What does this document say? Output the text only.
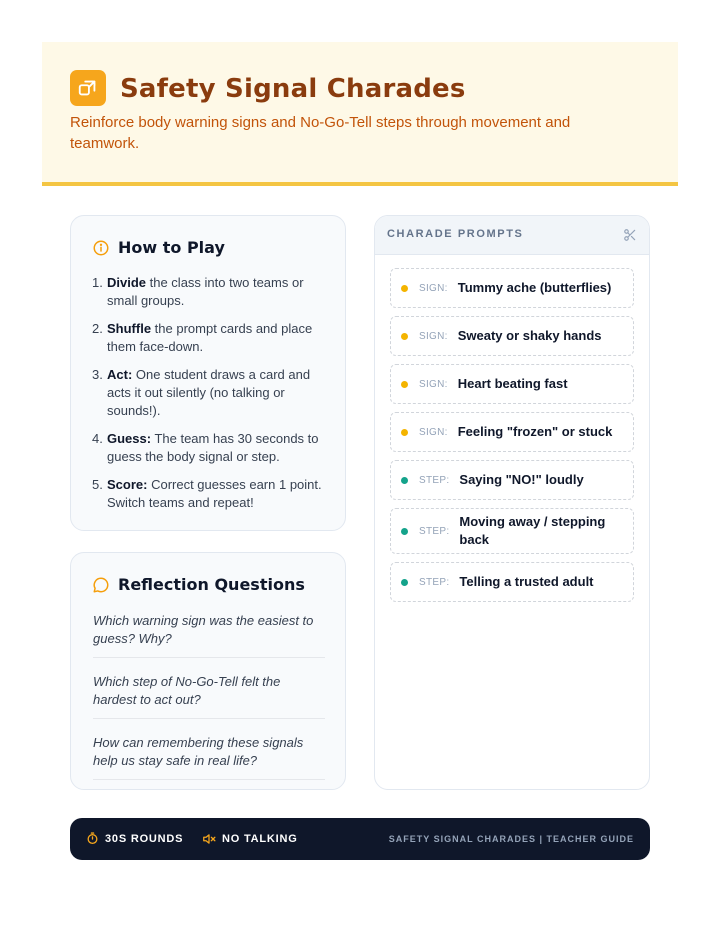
Safety Signal Charades

Reinforce body warning signs and No-Go-Tell steps through movement and teamwork.

How to Play
1. Divide the class into two teams or small groups.
2. Shuffle the prompt cards and place them face-down.
3. Act: One student draws a card and acts it out silently (no talking or sounds!).
4. Guess: The team has 30 seconds to guess the body signal or step.
5. Score: Correct guesses earn 1 point. Switch teams and repeat!
Reflection Questions
Which warning sign was the easiest to guess? Why?
Which step of No-Go-Tell felt the hardest to act out?
How can remembering these signals help us stay safe in real life?
CHARADE PROMPTS
SIGN: Tummy ache (butterflies)
SIGN: Sweaty or shaky hands
SIGN: Heart beating fast
SIGN: Feeling "frozen" or stuck
STEP: Saying "NO!" loudly
STEP:
Moving away / stepping back
STEP: Telling a trusted adult
30S ROUNDS	NO TALKING	SAFETY SIGNAL CHARADES | TEACHER GUIDE
